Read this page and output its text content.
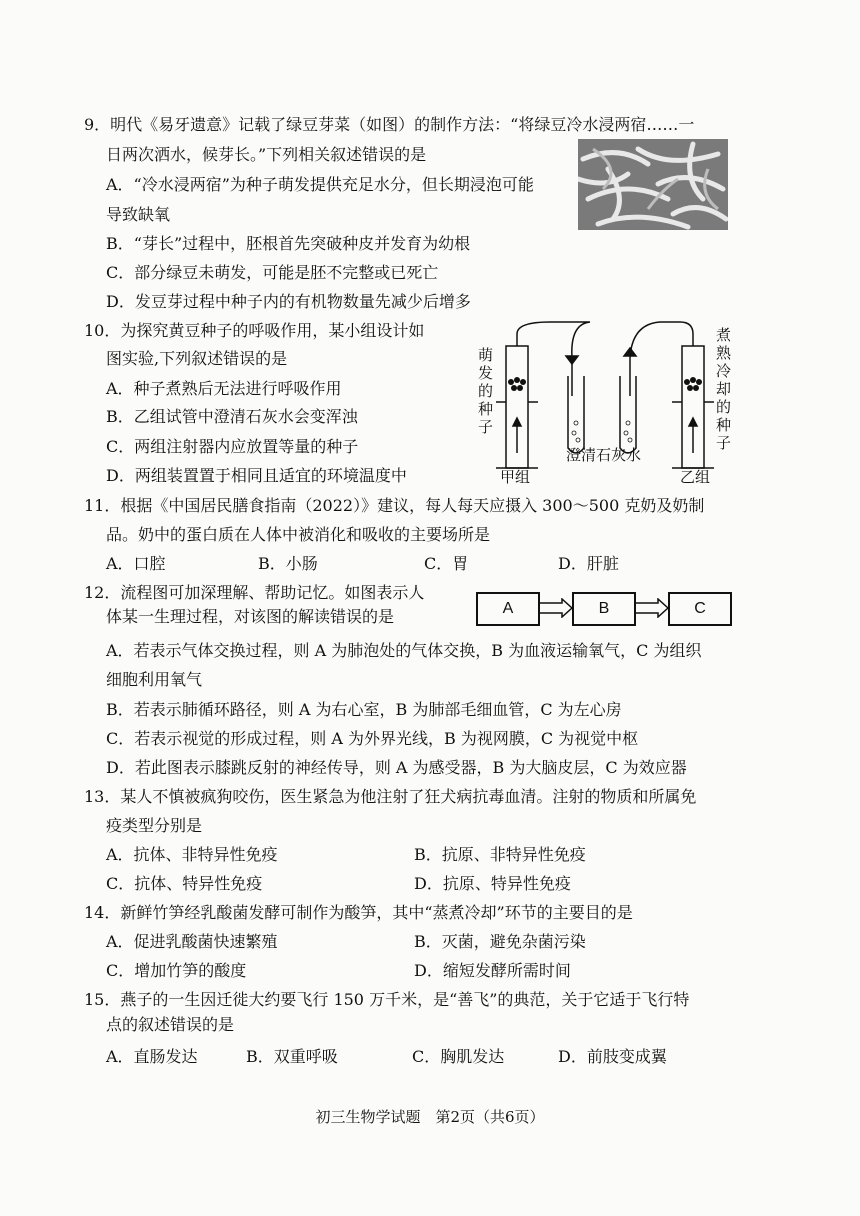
9．明代《易牙遗意》记载了绿豆芽菜（如图）的制作方法：“将绿豆冷水浸两宿……一
日两次洒水，候芽长。”下列相关叙述错误的是
A．“冷水浸两宿”为种子萌发提供充足水分，但长期浸泡可能
导致缺氧
B．“芽长”过程中，胚根首先突破种皮并发育为幼根
C．部分绿豆未萌发，可能是胚不完整或已死亡
D．发豆芽过程中种子内的有机物数量先减少后增多
10．为探究黄豆种子的呼吸作用，某小组设计如
图实验,下列叙述错误的是
A．种子煮熟后无法进行呼吸作用
B．乙组试管中澄清石灰水会变浑浊
C．两组注射器内应放置等量的种子
D．两组装置置于相同且适宜的环境温度中
萌
发
的
种
子
煮
熟
冷
却
的
种
子
澄清石灰水
甲组	乙组
11．根据《中国居民膳食指南（2022）》建议，每人每天应摄入 300～500 克奶及奶制
品。奶中的蛋白质在人体中被消化和吸收的主要场所是
A．口腔	B．小肠	C．胃	D．肝脏
12．流程图可加深理解、帮助记忆。如图表示人
体某一生理过程，对该图的解读错误的是	A	B	C
A．若表示气体交换过程，则 A 为肺泡处的气体交换，B 为血液运输氧气，C 为组织
细胞利用氧气
B．若表示肺循环路径，则 A 为右心室，B 为肺部毛细血管，C 为左心房
C．若表示视觉的形成过程，则 A 为外界光线，B 为视网膜，C 为视觉中枢
D．若此图表示膝跳反射的神经传导，则 A 为感受器，B 为大脑皮层，C 为效应器
13．某人不慎被疯狗咬伤，医生紧急为他注射了狂犬病抗毒血清。注射的物质和所属免
疫类型分别是
A．抗体、非特异性免疫	B．抗原、非特异性免疫
C．抗体、特异性免疫	D．抗原、特异性免疫
14．新鲜竹笋经乳酸菌发酵可制作为酸笋，其中“蒸煮冷却”环节的主要目的是
A．促进乳酸菌快速繁殖	B．灭菌，避免杂菌污染
C．增加竹笋的酸度	D．缩短发酵所需时间
15．燕子的一生因迁徙大约要飞行 150 万千米，是“善飞”的典范，关于它适于飞行特
点的叙述错误的是
A．直肠发达	B．双重呼吸	C．胸肌发达	D．前肢变成翼
初三生物学试题　第2页（共6页）
